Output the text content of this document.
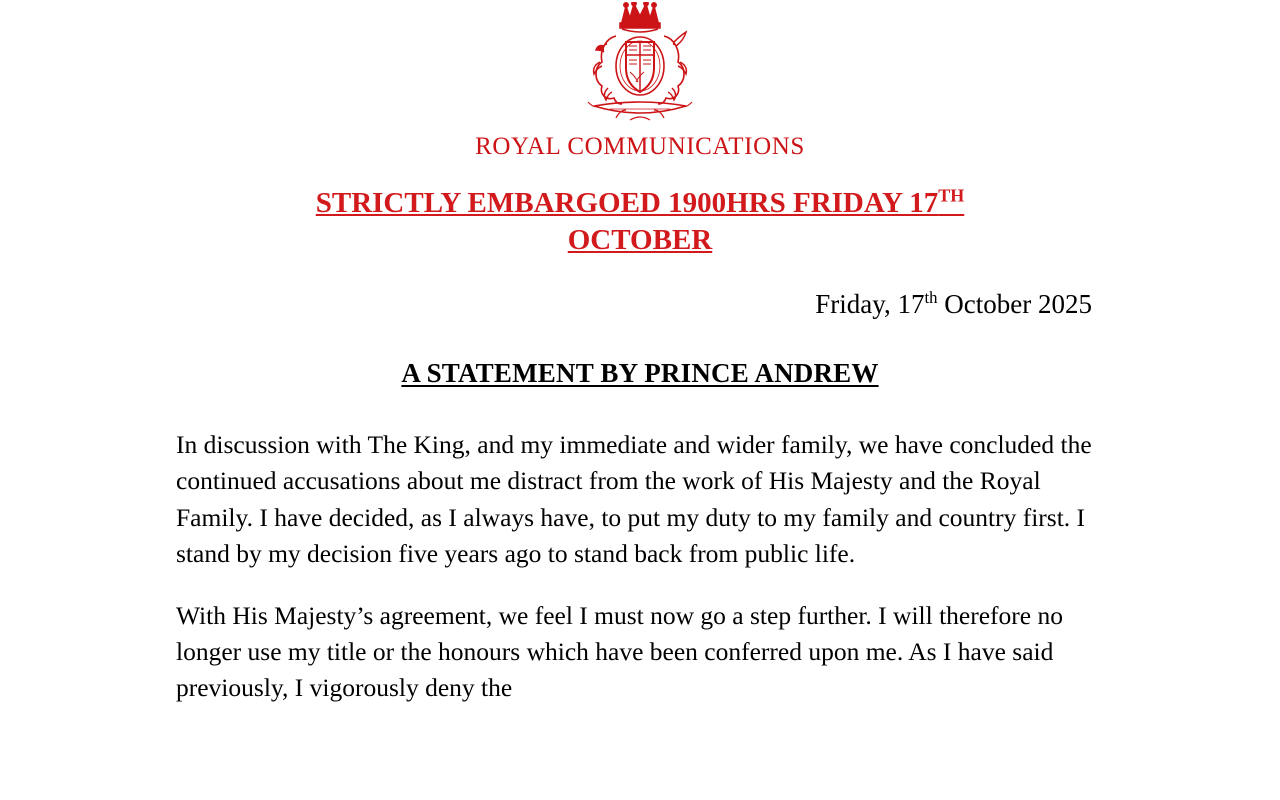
ROYAL COMMUNICATIONS
STRICTLY EMBARGOED 1900HRS FRIDAY 17TH
OCTOBER
Friday, 17th October 2025
A STATEMENT BY PRINCE ANDREW

In discussion with The King, and my immediate and wider family, we have concluded the continued accusations about me distract from the work of His Majesty and the Royal Family. I have decided, as I always have, to put my duty to my family and country first. I stand by my decision five years ago to stand back from public life.

With His Majesty’s agreement, we feel I must now go a step further. I will therefore no longer use my title or the honours which have been conferred upon me. As I have said previously, I vigorously deny the
